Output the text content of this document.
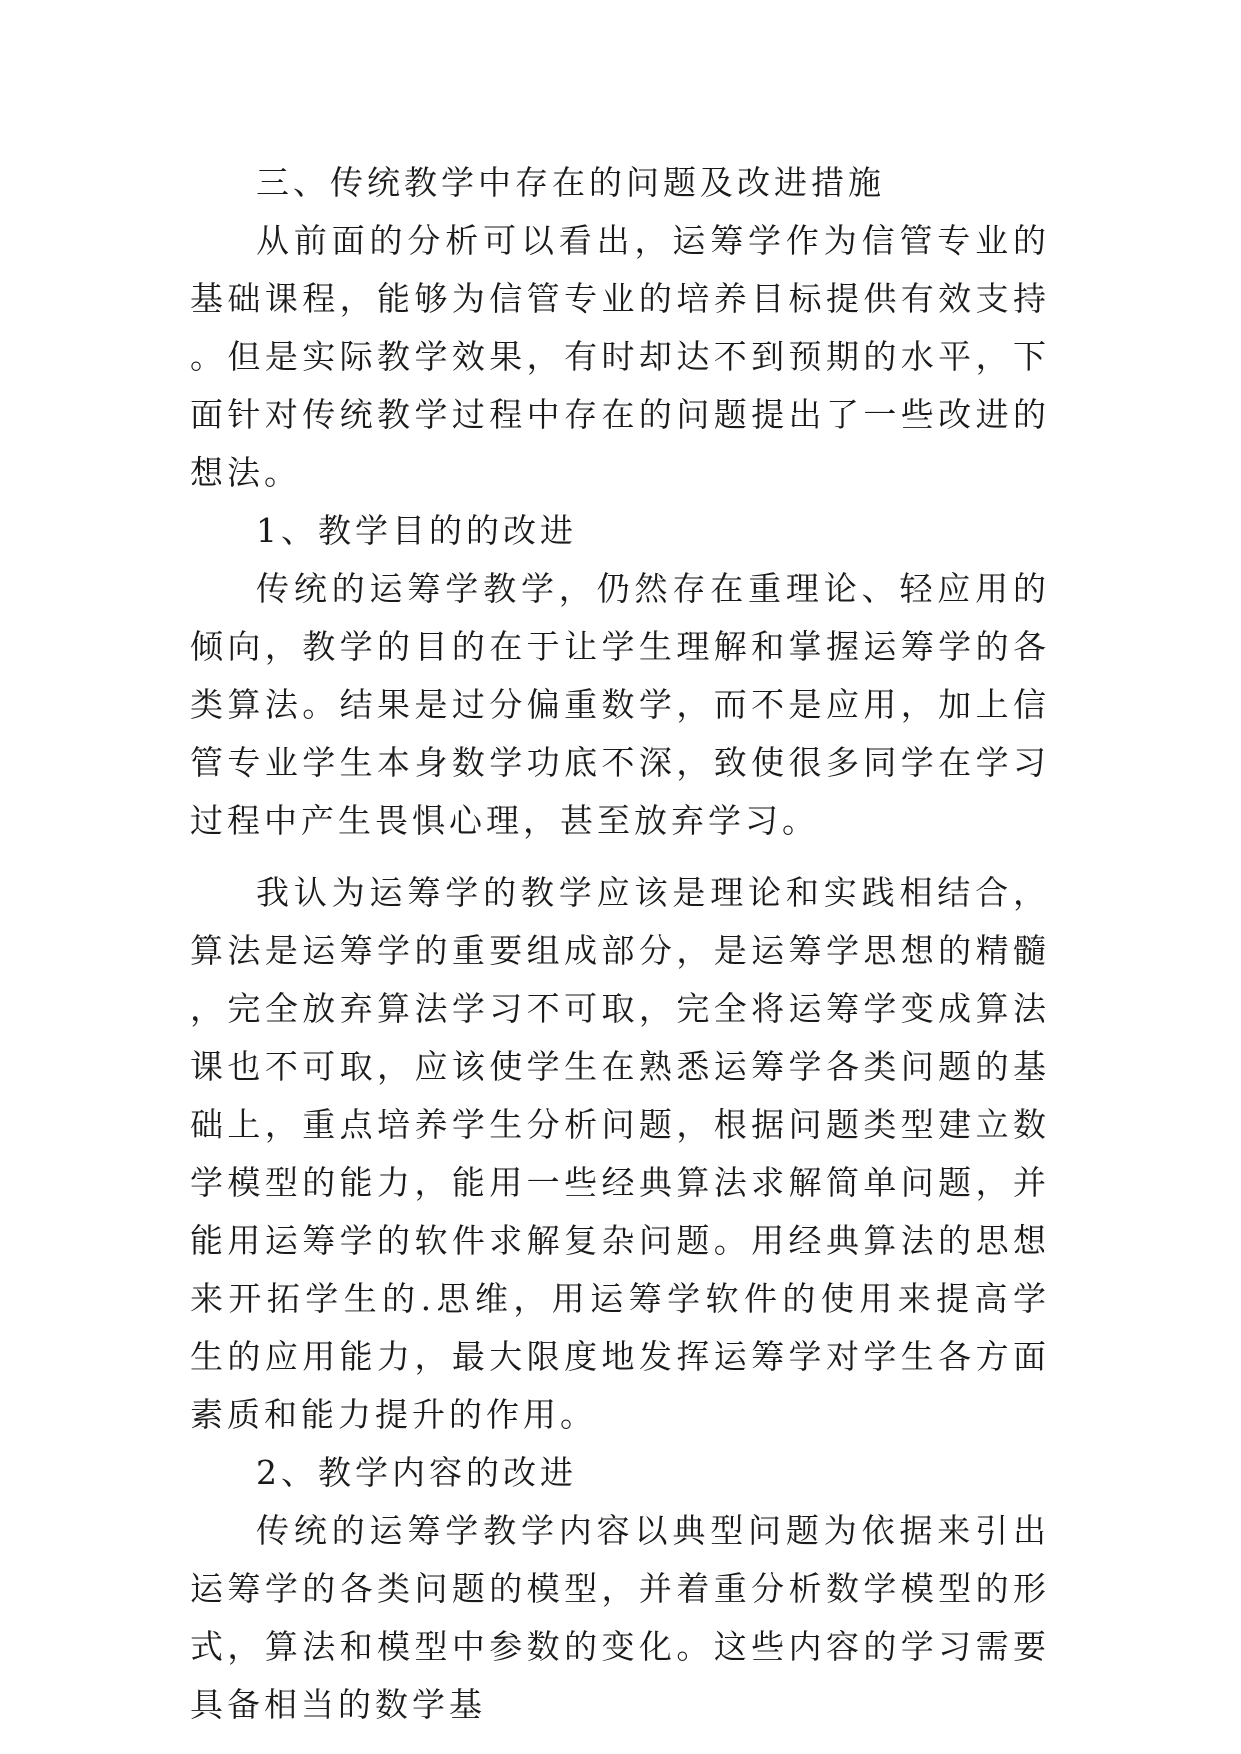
三、传统教学中存在的问题及改进措施

从前面的分析可以看出，运筹学作为信管专业的基础课程，能够为信管专业的培养目标提供有效支持。但是实际教学效果，有时却达不到预期的水平，下面针对传统教学过程中存在的问题提出了一些改进的想法。

1、教学目的的改进

传统的运筹学教学，仍然存在重理论、轻应用的倾向，教学的目的在于让学生理解和掌握运筹学的各类算法。结果是过分偏重数学，而不是应用，加上信管专业学生本身数学功底不深，致使很多同学在学习过程中产生畏惧心理，甚至放弃学习。

我认为运筹学的教学应该是理论和实践相结合，算法是运筹学的重要组成部分，是运筹学思想的精髓，完全放弃算法学习不可取，完全将运筹学变成算法课也不可取，应该使学生在熟悉运筹学各类问题的基础上，重点培养学生分析问题，根据问题类型建立数学模型的能力，能用一些经典算法求解简单问题，并能用运筹学的软件求解复杂问题。用经典算法的思想来开拓学生的.思维，用运筹学软件的使用来提高学生的应用能力，最大限度地发挥运筹学对学生各方面素质和能力提升的作用。

2、教学内容的改进

传统的运筹学教学内容以典型问题为依据来引出运筹学的各类问题的模型，并着重分析数学模型的形式，算法和模型中参数的变化。这些内容的学习需要具备相当的数学基
